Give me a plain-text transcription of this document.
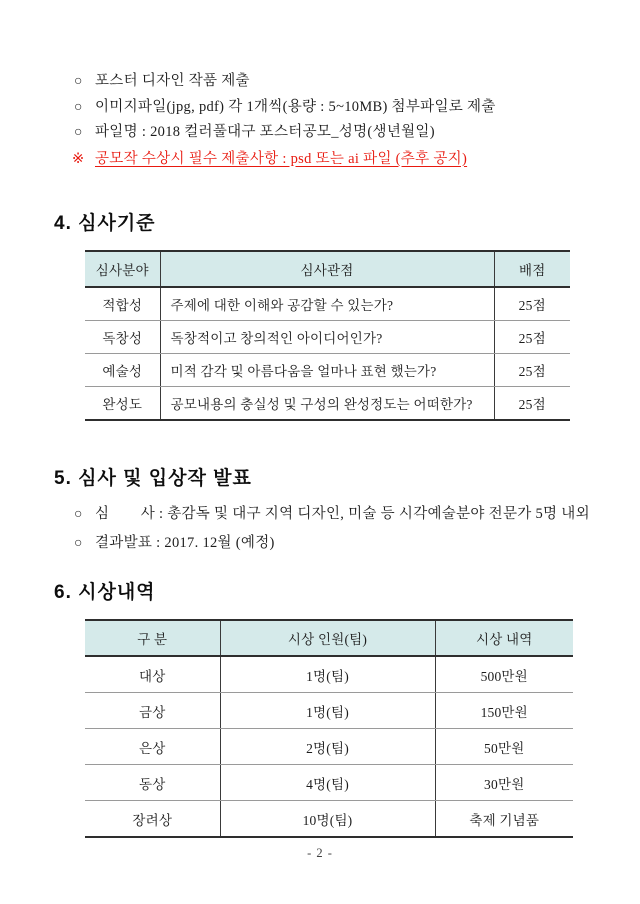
○ 포스터 디자인 작품 제출
○ 이미지파일(jpg, pdf) 각 1개씩(용량 : 5~10MB) 첨부파일로 제출
○ 파일명 : 2018 컬러풀대구 포스터공모_성명(생년월일)
※ 공모작 수상시 필수 제출사항 : psd 또는 ai 파일 (추후 공지)
4. 심사기준
심사분야	심사관점	배점
적합성	주제에 대한 이해와 공감할 수 있는가?	25점
독창성	독창적이고 창의적인 아이디어인가?	25점
예술성	미적 감각 및 아름다움을 얼마나 표현 했는가?	25점
완성도	공모내용의 충실성 및 구성의 완성정도는 어떠한가?	25점
5. 심사 및 입상작 발표
○ 심        사 : 총감독 및 대구 지역 디자인, 미술 등 시각예술분야 전문가 5명 내외
○ 결과발표 : 2017. 12월 (예정)
6. 시상내역
구 분	시상 인원(팀)	시상 내역
대상	1명(팀)	500만원
금상	1명(팀)	150만원
은상	2명(팀)	50만원
동상	4명(팀)	30만원
장려상	10명(팀)	축제 기념품
- 2 -
